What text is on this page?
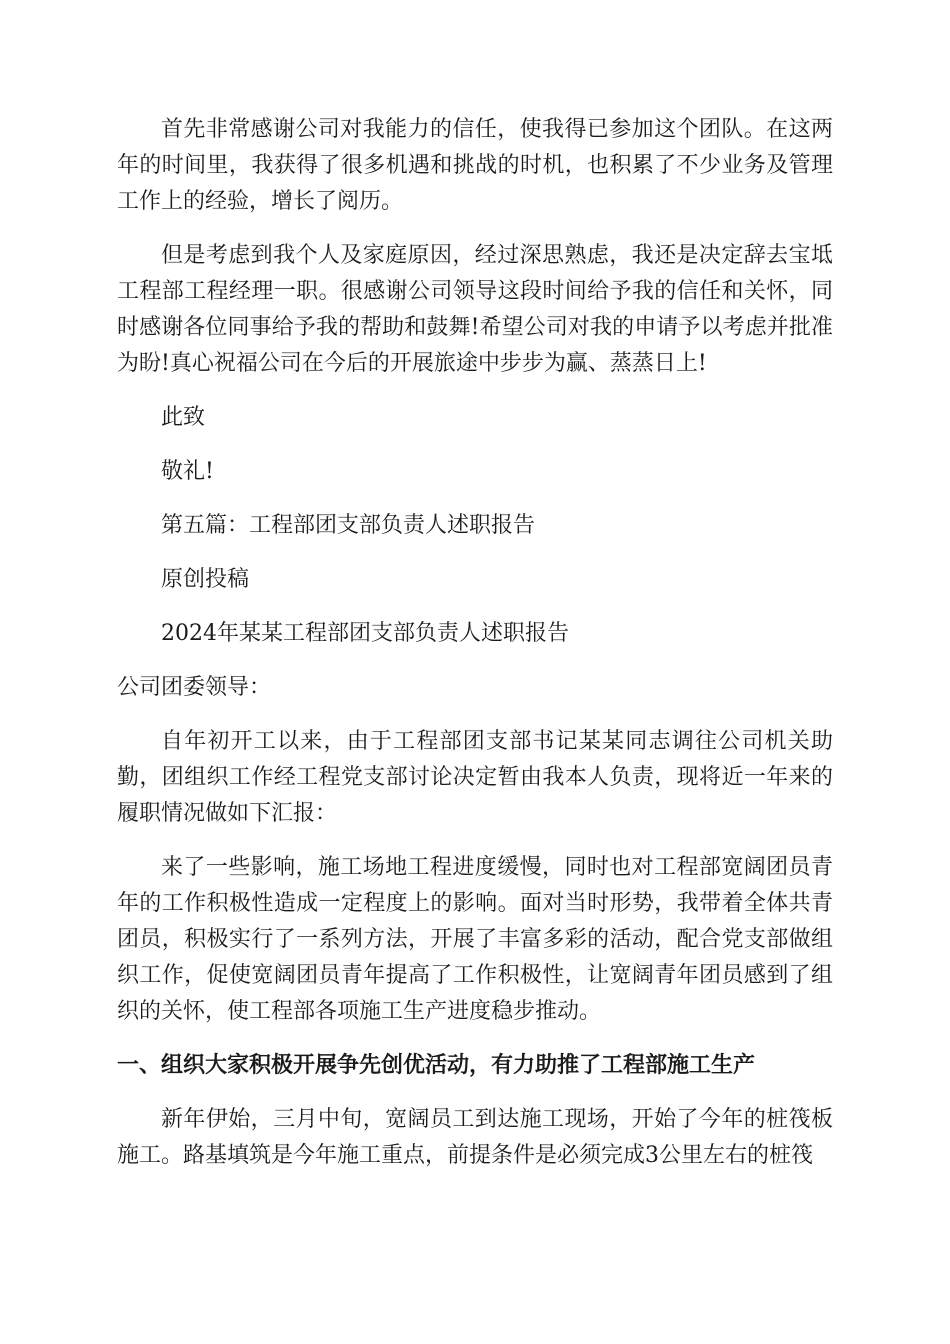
首先非常感谢公司对我能力的信任，使我得已参加这个团队。在这两年的时间里，我获得了很多机遇和挑战的时机，也积累了不少业务及管理工作上的经验，增长了阅历。

但是考虑到我个人及家庭原因，经过深思熟虑，我还是决定辞去宝坻工程部工程经理一职。很感谢公司领导这段时间给予我的信任和关怀，同时感谢各位同事给予我的帮助和鼓舞!希望公司对我的申请予以考虑并批准为盼!真心祝福公司在今后的开展旅途中步步为赢、蒸蒸日上!

此致

敬礼!

第五篇：工程部团支部负责人述职报告

原创投稿

2024年某某工程部团支部负责人述职报告

公司团委领导：

自年初开工以来，由于工程部团支部书记某某同志调往公司机关助勤，团组织工作经工程党支部讨论决定暂由我本人负责，现将近一年来的履职情况做如下汇报：

来了一些影响，施工场地工程进度缓慢，同时也对工程部宽阔团员青年的工作积极性造成一定程度上的影响。面对当时形势，我带着全体共青团员，积极实行了一系列方法，开展了丰富多彩的活动，配合党支部做组织工作，促使宽阔团员青年提高了工作积极性，让宽阔青年团员感到了组织的关怀，使工程部各项施工生产进度稳步推动。

一、组织大家积极开展争先创优活动，有力助推了工程部施工生产

新年伊始，三月中旬，宽阔员工到达施工现场，开始了今年的桩筏板施工。路基填筑是今年施工重点，前提条件是必须完成3公里左右的桩筏
